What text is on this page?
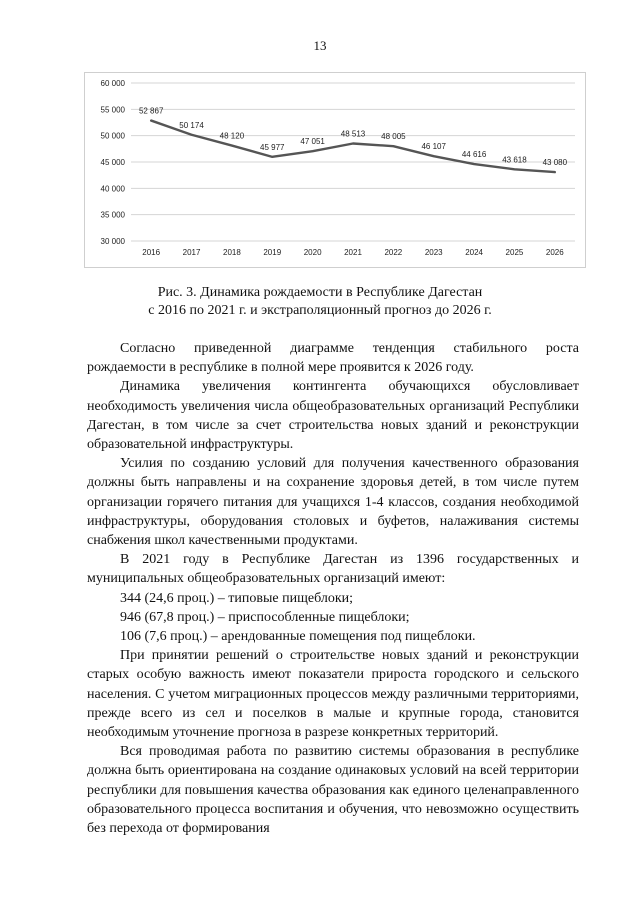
13
30 000
35 000
40 000
45 000
50 000
55 000
60 000
2016	2017	2018	2019	2020	2021	2022	2023	2024	2025	2026
52 867
50 174
48 120
45 977
47 051
48 513 48 005
46 107
44 616
43 618 43 080
Рис. 3. Динамика рождаемости в Республике Дагестан
с 2016 по 2021 г. и экстраполяционный прогноз до 2026 г.

Согласно приведенной диаграмме тенденция стабильного роста рождаемости в республике в полной мере проявится к 2026 году.

Динамика увеличения контингента обучающихся обусловливает необходимость увеличения числа общеобразовательных организаций Республики Дагестан, в том числе за счет строительства новых зданий и реконструкции образовательной инфраструктуры.

Усилия по созданию условий для получения качественного образования должны быть направлены и на сохранение здоровья детей, в том числе путем организации горячего питания для учащихся 1-4 классов, создания необходимой инфраструктуры, оборудования столовых и буфетов, налаживания системы снабжения школ качественными продуктами.

В 2021 году в Республике Дагестан из 1396 государственных и муниципальных общеобразовательных организаций имеют:

344 (24,6 проц.) – типовые пищеблоки;

946 (67,8 проц.) – приспособленные пищеблоки;

106 (7,6 проц.) – арендованные помещения под пищеблоки.

При принятии решений о строительстве новых зданий и реконструкции старых особую важность имеют показатели прироста городского и сельского населения. С учетом миграционных процессов между различными территориями, прежде всего из сел и поселков в малые и крупные города, становится необходимым уточнение прогноза в разрезе конкретных территорий.

Вся проводимая работа по развитию системы образования в республике должна быть ориентирована на создание одинаковых условий на всей территории республики для повышения качества образования как единого целенаправленного образовательного процесса воспитания и обучения, что невозможно осуществить без перехода от формирования
